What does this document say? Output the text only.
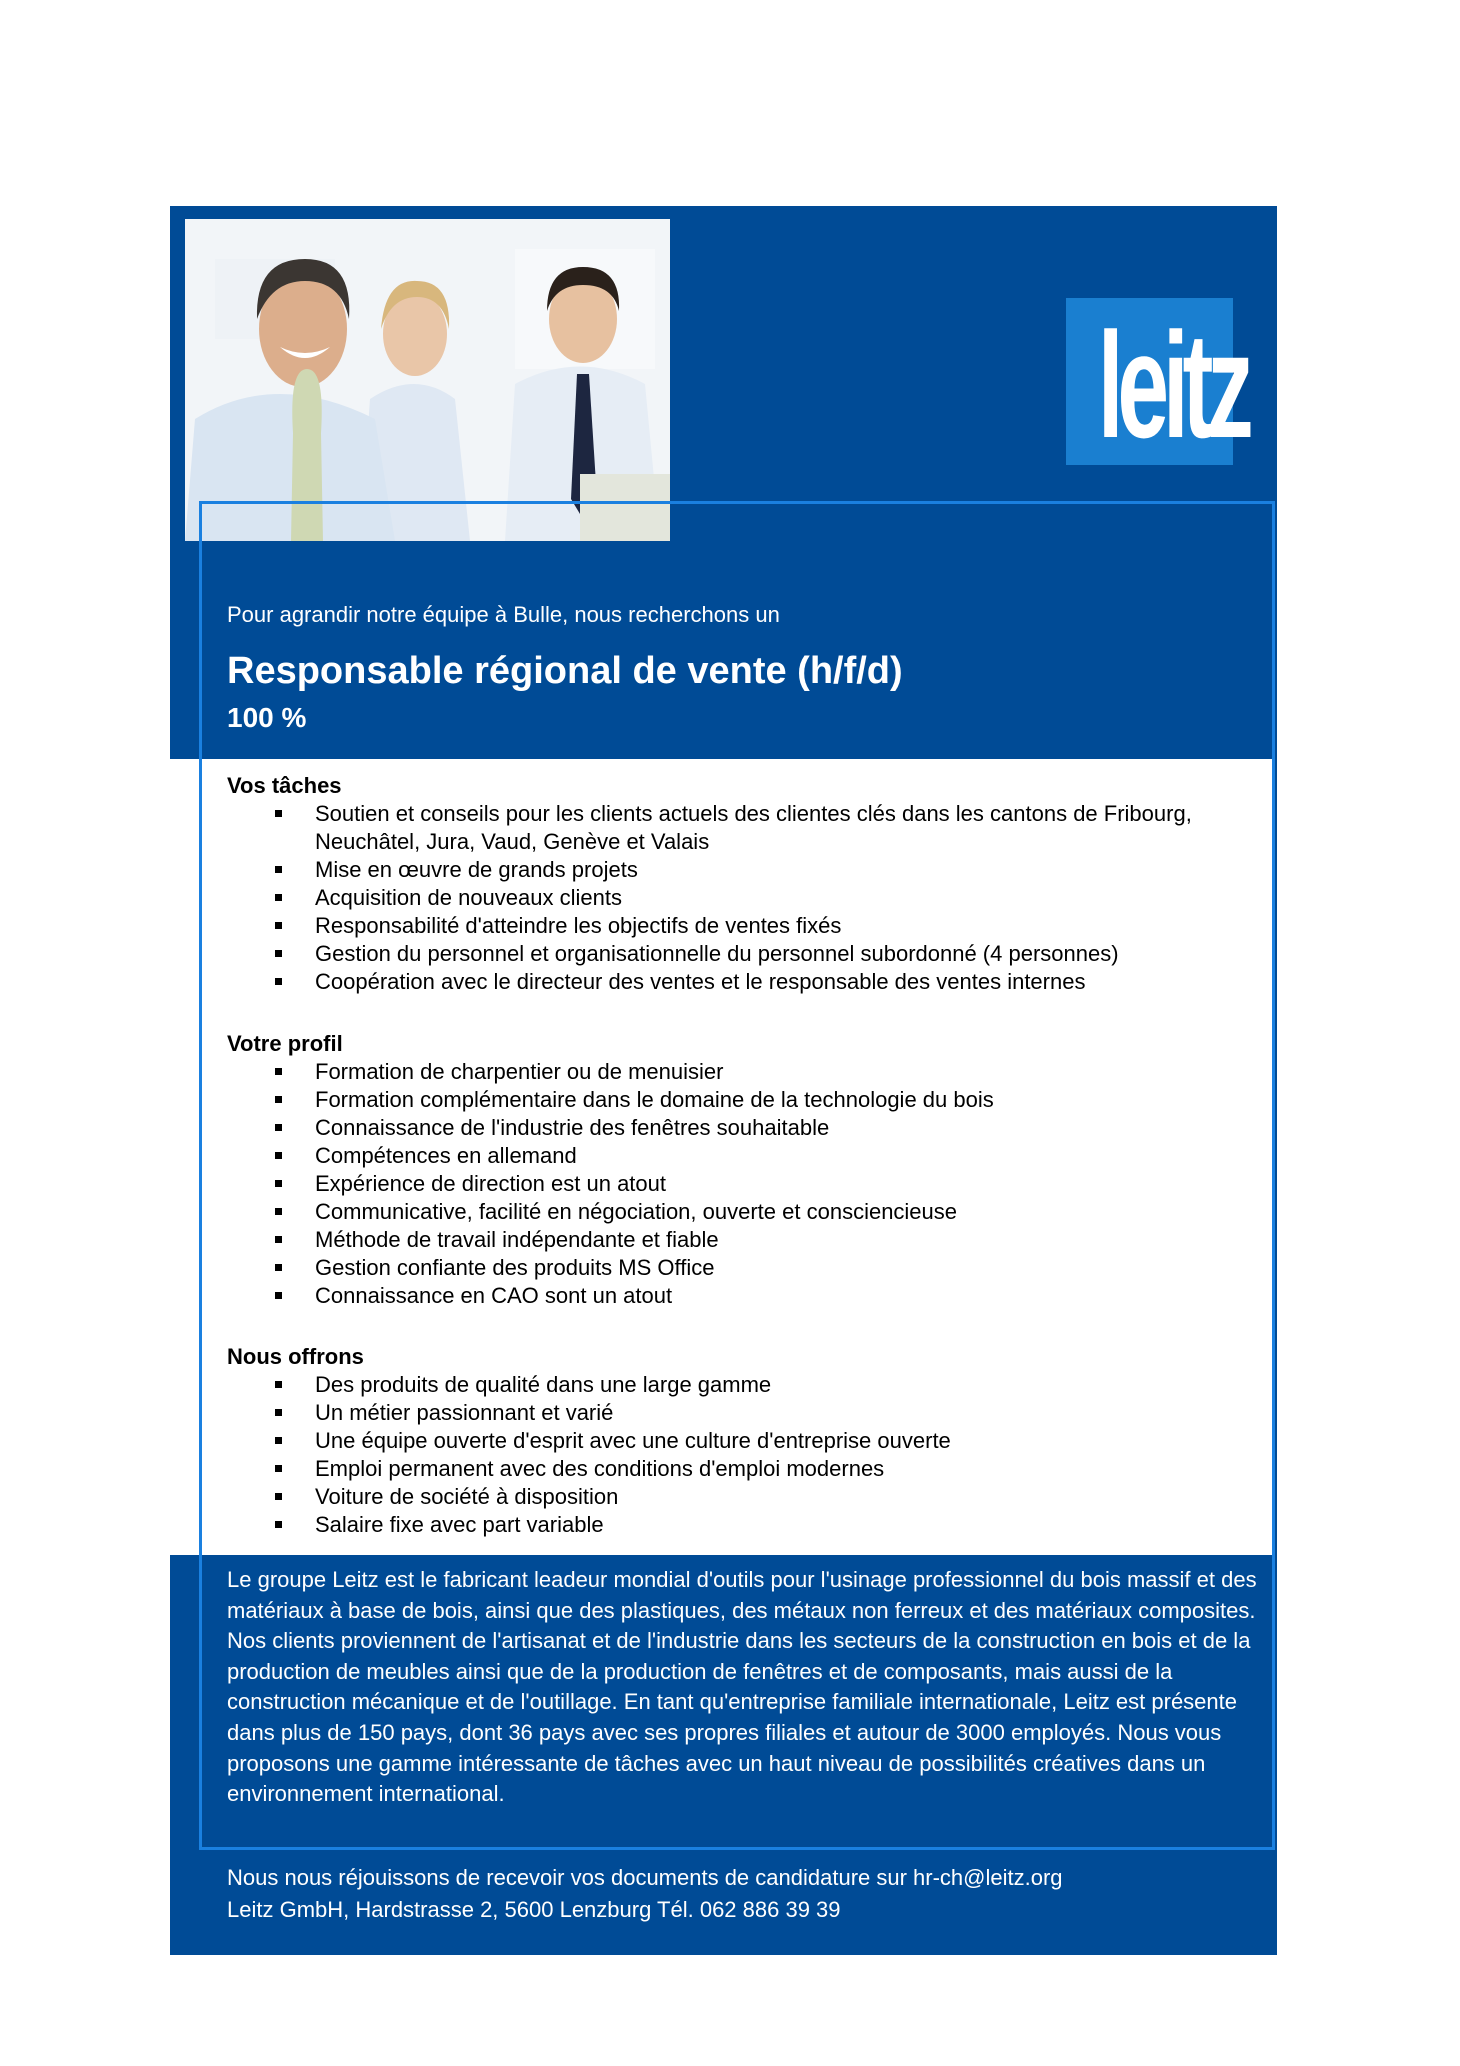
leitz
Pour agrandir notre équipe à Bulle, nous recherchons un
Responsable régional de vente (h/f/d)
100 %
Vos tâches
Soutien et conseils pour les clients actuels des clientes clés dans les cantons de Fribourg, Neuchâtel, Jura, Vaud, Genève et Valais
Mise en œuvre de grands projets
Acquisition de nouveaux clients
Responsabilité d'atteindre les objectifs de ventes fixés
Gestion du personnel et organisationnelle du personnel subordonné (4 personnes)
Coopération avec le directeur des ventes et le responsable des ventes internes
Votre profil
Formation de charpentier ou de menuisier
Formation complémentaire dans le domaine de la technologie du bois
Connaissance de l'industrie des fenêtres souhaitable
Compétences en allemand
Expérience de direction est un atout
Communicative, facilité en négociation, ouverte et consciencieuse
Méthode de travail indépendante et fiable
Gestion confiante des produits MS Office
Connaissance en CAO sont un atout
Nous offrons
Des produits de qualité dans une large gamme
Un métier passionnant et varié
Une équipe ouverte d'esprit avec une culture d'entreprise ouverte
Emploi permanent avec des conditions d'emploi modernes
Voiture de société à disposition
Salaire fixe avec part variable
Le groupe Leitz est le fabricant leadeur mondial d'outils pour l'usinage professionnel du bois massif et des matériaux à base de bois, ainsi que des plastiques, des métaux non ferreux et des matériaux composites. Nos clients proviennent de l'artisanat et de l'industrie dans les secteurs de la construction en bois et de la production de meubles ainsi que de la production de fenêtres et de composants, mais aussi de la construction mécanique et de l'outillage. En tant qu'entreprise familiale internationale, Leitz est présente dans plus de 150 pays, dont 36 pays avec ses propres filiales et autour de 3000 employés. Nous vous proposons une gamme intéressante de tâches avec un haut niveau de possibilités créatives dans un environnement international.
Nous nous réjouissons de recevoir vos documents de candidature sur hr-ch@leitz.org
Leitz GmbH, Hardstrasse 2, 5600 Lenzburg Tél. 062 886 39 39
